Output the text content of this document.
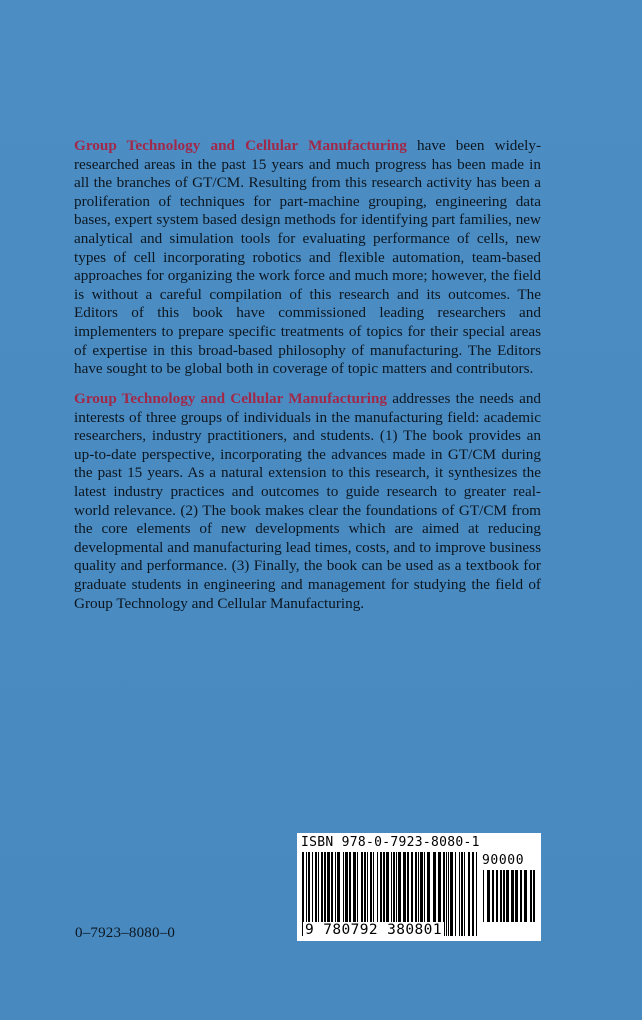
Group Technology and Cellular Manufacturing have been widely-researched areas in the past 15 years and much progress has been made in all the branches of GT/CM. Resulting from this research activity has been a proliferation of techniques for part-machine grouping, engineering data bases, expert system based design methods for identifying part families, new analytical and simulation tools for evaluating performance of cells, new types of cell incorporating robotics and flexible automation, team-based approaches for organizing the work force and much more; however, the field is without a careful compilation of this research and its outcomes. The Editors of this book have commissioned leading researchers and implementers to prepare specific treatments of topics for their special areas of expertise in this broad-based philosophy of manufacturing. The Editors have sought to be global both in coverage of topic matters and contributors.

Group Technology and Cellular Manufacturing addresses the needs and interests of three groups of individuals in the manufacturing field: academic researchers, industry practitioners, and students. (1) The book provides an up-to-date perspective, incorporating the advances made in GT/CM during the past 15 years. As a natural extension to this research, it synthesizes the latest industry practices and outcomes to guide research to greater real-world relevance. (2) The book makes clear the foundations of GT/CM from the core elements of new developments which are aimed at reducing developmental and manufacturing lead times, costs, and to improve business quality and performance. (3) Finally, the book can be used as a textbook for graduate students in engineering and management for studying the field of Group Technology and Cellular Manufacturing.

0–7923–8080–0
ISBN 978-0-7923-8080-1
90000
9 780792 380801
